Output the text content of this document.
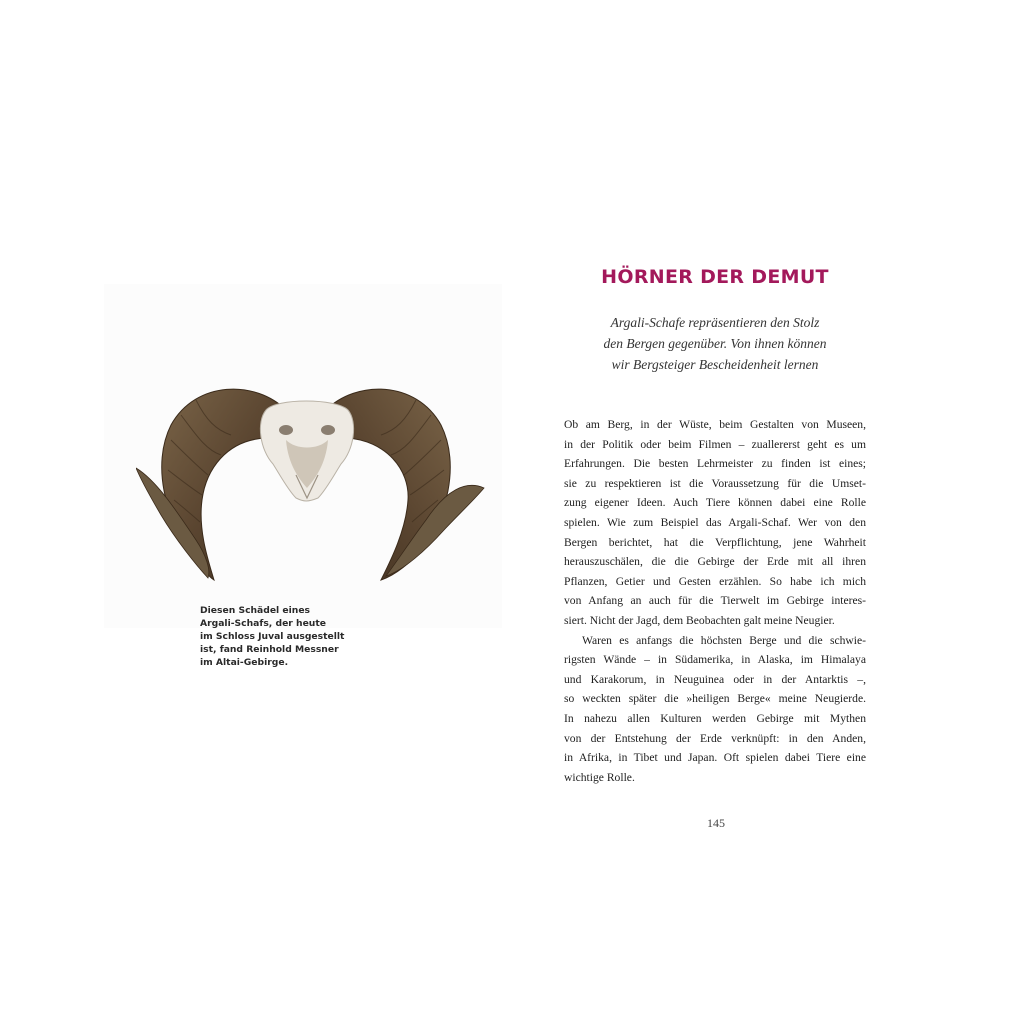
Diesen Schädel eines
Argali-Schafs, der heute
im Schloss Juval ausgestellt
ist, fand Reinhold Messner
im Altai-Gebirge.

HÖRNER DER DEMUT

Argali-Schafe repräsentieren den Stolz
den Bergen gegenüber. Von ihnen können
wir Bergsteiger Bescheidenheit lernen

Ob am Berg, in der Wüste, beim Gestalten von Museen,
in der Politik oder beim Filmen – zuallererst geht es um
Erfahrungen. Die besten Lehrmeister zu finden ist eines;
sie zu respektieren ist die Voraussetzung für die Umset-
zung eigener Ideen. Auch Tiere können dabei eine Rolle
spielen. Wie zum Beispiel das Argali-Schaf. Wer von den
Bergen berichtet, hat die Verpflichtung, jene Wahrheit
herauszuschälen, die die Gebirge der Erde mit all ihren
Pflanzen, Getier und Gesten erzählen. So habe ich mich
von Anfang an auch für die Tierwelt im Gebirge interes-
siert. Nicht der Jagd, dem Beobachten galt meine Neugier.
Waren es anfangs die höchsten Berge und die schwie-
rigsten Wände – in Südamerika, in Alaska, im Himalaya
und Karakorum, in Neuguinea oder in der Antarktis –,
so weckten später die »heiligen Berge« meine Neugierde.
In nahezu allen Kulturen werden Gebirge mit Mythen
von der Entstehung der Erde verknüpft: in den Anden,
in Afrika, in Tibet und Japan. Oft spielen dabei Tiere eine
wichtige Rolle.

145
